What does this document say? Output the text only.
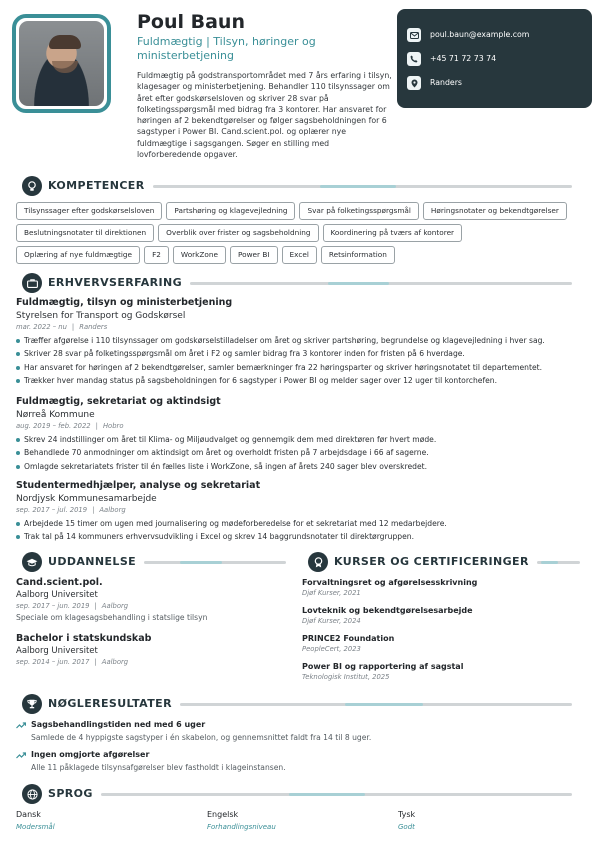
Poul Baun
Fuldmægtig | Tilsyn, høringer og ministerbetjening
Fuldmægtig på godstransportområdet med 7 års erfaring i tilsyn, klagesager og ministerbetjening. Behandler 110 tilsynssager om året efter godskørselsloven og skriver 28 svar på folketingsspørgsmål med bidrag fra 3 kontorer. Har ansvaret for høringen af 2 bekendtgørelser og følger sagsbeholdningen for 6 sagstyper i Power BI. Cand.scient.pol. og oplærer nye fuldmægtige i sagsgangen. Søger en stilling med lovforberedende opgaver.
poul.baun@example.com
+45 71 72 73 74
Randers
KOMPETENCER
Tilsynssager efter godskørselsloven	Partshøring og klagevejledning	Svar på folketingsspørgsmål	Høringsnotater og bekendtgørelser
Beslutningsnotater til direktionen	Overblik over frister og sagsbeholdning	Koordinering på tværs af kontorer
Oplæring af nye fuldmægtige	F2	WorkZone	Power BI	Excel	Retsinformation
ERHVERVSERFARING
Fuldmægtig, tilsyn og ministerbetjening
Styrelsen for Transport og Godskørsel
mar. 2022 – nu | Randers
Træffer afgørelse i 110 tilsynssager om godskørselstilladelser om året og skriver partshøring, begrundelse og klagevejledning i hver sag.
Skriver 28 svar på folketingsspørgsmål om året i F2 og samler bidrag fra 3 kontorer inden for fristen på 6 hverdage.
Har ansvaret for høringen af 2 bekendtgørelser, samler bemærkninger fra 22 høringsparter og skriver høringsnotatet til departementet.
Trækker hver mandag status på sagsbeholdningen for 6 sagstyper i Power BI og melder sager over 12 uger til kontorchefen.
Fuldmægtig, sekretariat og aktindsigt
Nørreå Kommune
aug. 2019 – feb. 2022 | Hobro
Skrev 24 indstillinger om året til Klima- og Miljøudvalget og gennemgik dem med direktøren før hvert møde.
Behandlede 70 anmodninger om aktindsigt om året og overholdt fristen på 7 arbejdsdage i 66 af sagerne.
Omlagde sekretariatets frister til én fælles liste i WorkZone, så ingen af årets 240 sager blev overskredet.
Studentermedhjælper, analyse og sekretariat
Nordjysk Kommunesamarbejde
sep. 2017 – jul. 2019 | Aalborg
Arbejdede 15 timer om ugen med journalisering og mødeforberedelse for et sekretariat med 12 medarbejdere.
Trak tal på 14 kommuners erhvervsudvikling i Excel og skrev 14 baggrundsnotater til direktørgruppen.
UDDANNELSE
Cand.scient.pol.
Aalborg Universitet
sep. 2017 – jun. 2019 | Aalborg
Speciale om klagesagsbehandling i statslige tilsyn
Bachelor i statskundskab
Aalborg Universitet
sep. 2014 – jun. 2017 | Aalborg
KURSER OG CERTIFICERINGER
Forvaltningsret og afgørelsesskrivning
Djøf Kurser, 2021
Lovteknik og bekendtgørelsesarbejde
Djøf Kurser, 2024
PRINCE2 Foundation
PeopleCert, 2023
Power BI og rapportering af sagstal
Teknologisk Institut, 2025
NØGLERESULTATER
Sagsbehandlingstiden ned med 6 uger
Samlede de 4 hyppigste sagstyper i én skabelon, og gennemsnittet faldt fra 14 til 8 uger.
Ingen omgjorte afgørelser
Alle 11 påklagede tilsynsafgørelser blev fastholdt i klageinstansen.
SPROG
Dansk
Modersmål
Engelsk
Forhandlingsniveau
Tysk
Godt
